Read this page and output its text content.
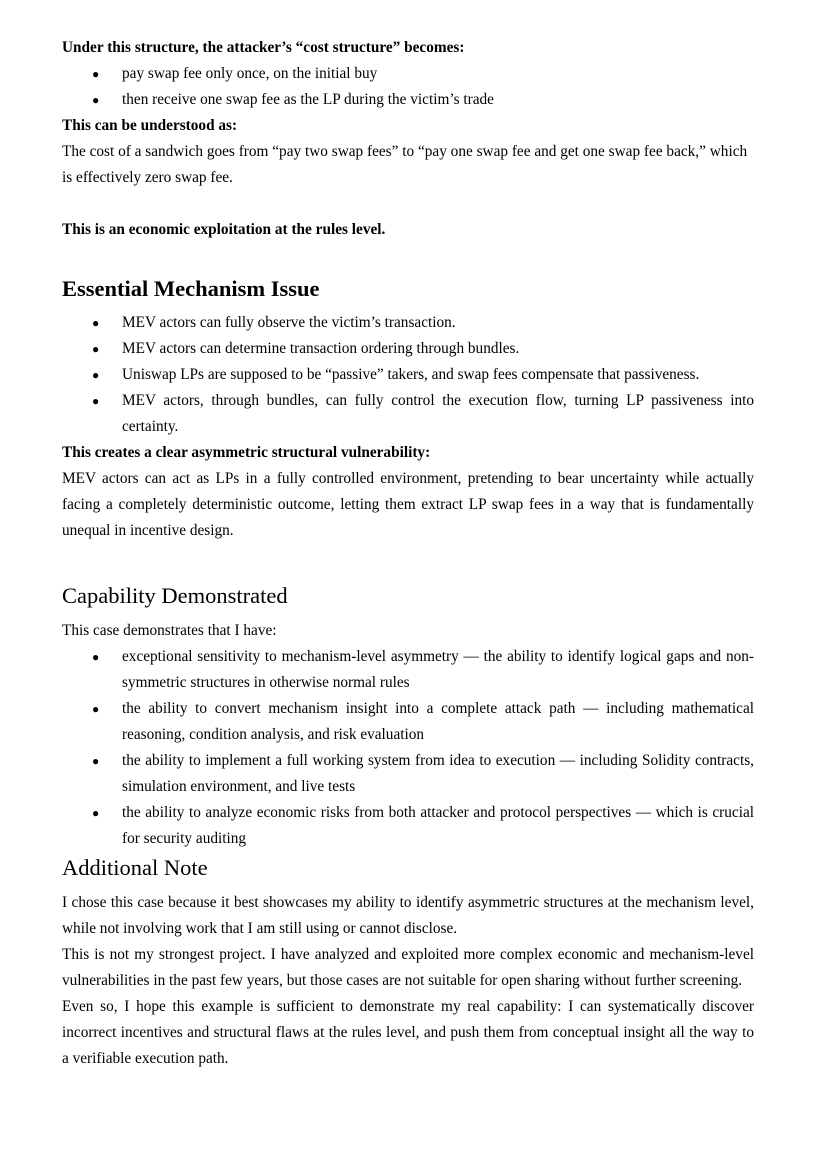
Under this structure, the attacker’s “cost structure” becomes:

● pay swap fee only once, on the initial buy
● then receive one swap fee as the LP during the victim’s trade

This can be understood as:

The cost of a sandwich goes from “pay two swap fees” to “pay one swap fee and get one swap fee back,” which is effectively zero swap fee.

This is an economic exploitation at the rules level.

Essential Mechanism Issue
● MEV actors can fully observe the victim’s transaction.
● MEV actors can determine transaction ordering through bundles.
● Uniswap LPs are supposed to be “passive” takers, and swap fees compensate that passiveness.
● MEV actors, through bundles, can fully control the execution flow, turning LP passiveness into certainty.

This creates a clear asymmetric structural vulnerability:

MEV actors can act as LPs in a fully controlled environment, pretending to bear uncertainty while actually facing a completely deterministic outcome, letting them extract LP swap fees in a way that is fundamentally unequal in incentive design.

Capability Demonstrated

This case demonstrates that I have:

● exceptional sensitivity to mechanism-level asymmetry — the ability to identify logical gaps and non-symmetric structures in otherwise normal rules
● the ability to convert mechanism insight into a complete attack path — including mathematical reasoning, condition analysis, and risk evaluation
● the ability to implement a full working system from idea to execution — including Solidity contracts, simulation environment, and live tests
● the ability to analyze economic risks from both attacker and protocol perspectives — which is crucial for security auditing
Additional Note

I chose this case because it best showcases my ability to identify asymmetric structures at the mechanism level, while not involving work that I am still using or cannot disclose.

This is not my strongest project. I have analyzed and exploited more complex economic and mechanism-level vulnerabilities in the past few years, but those cases are not suitable for open sharing without further screening.

Even so, I hope this example is sufficient to demonstrate my real capability: I can systematically discover incorrect incentives and structural flaws at the rules level, and push them from conceptual insight all the way to a verifiable execution path.
